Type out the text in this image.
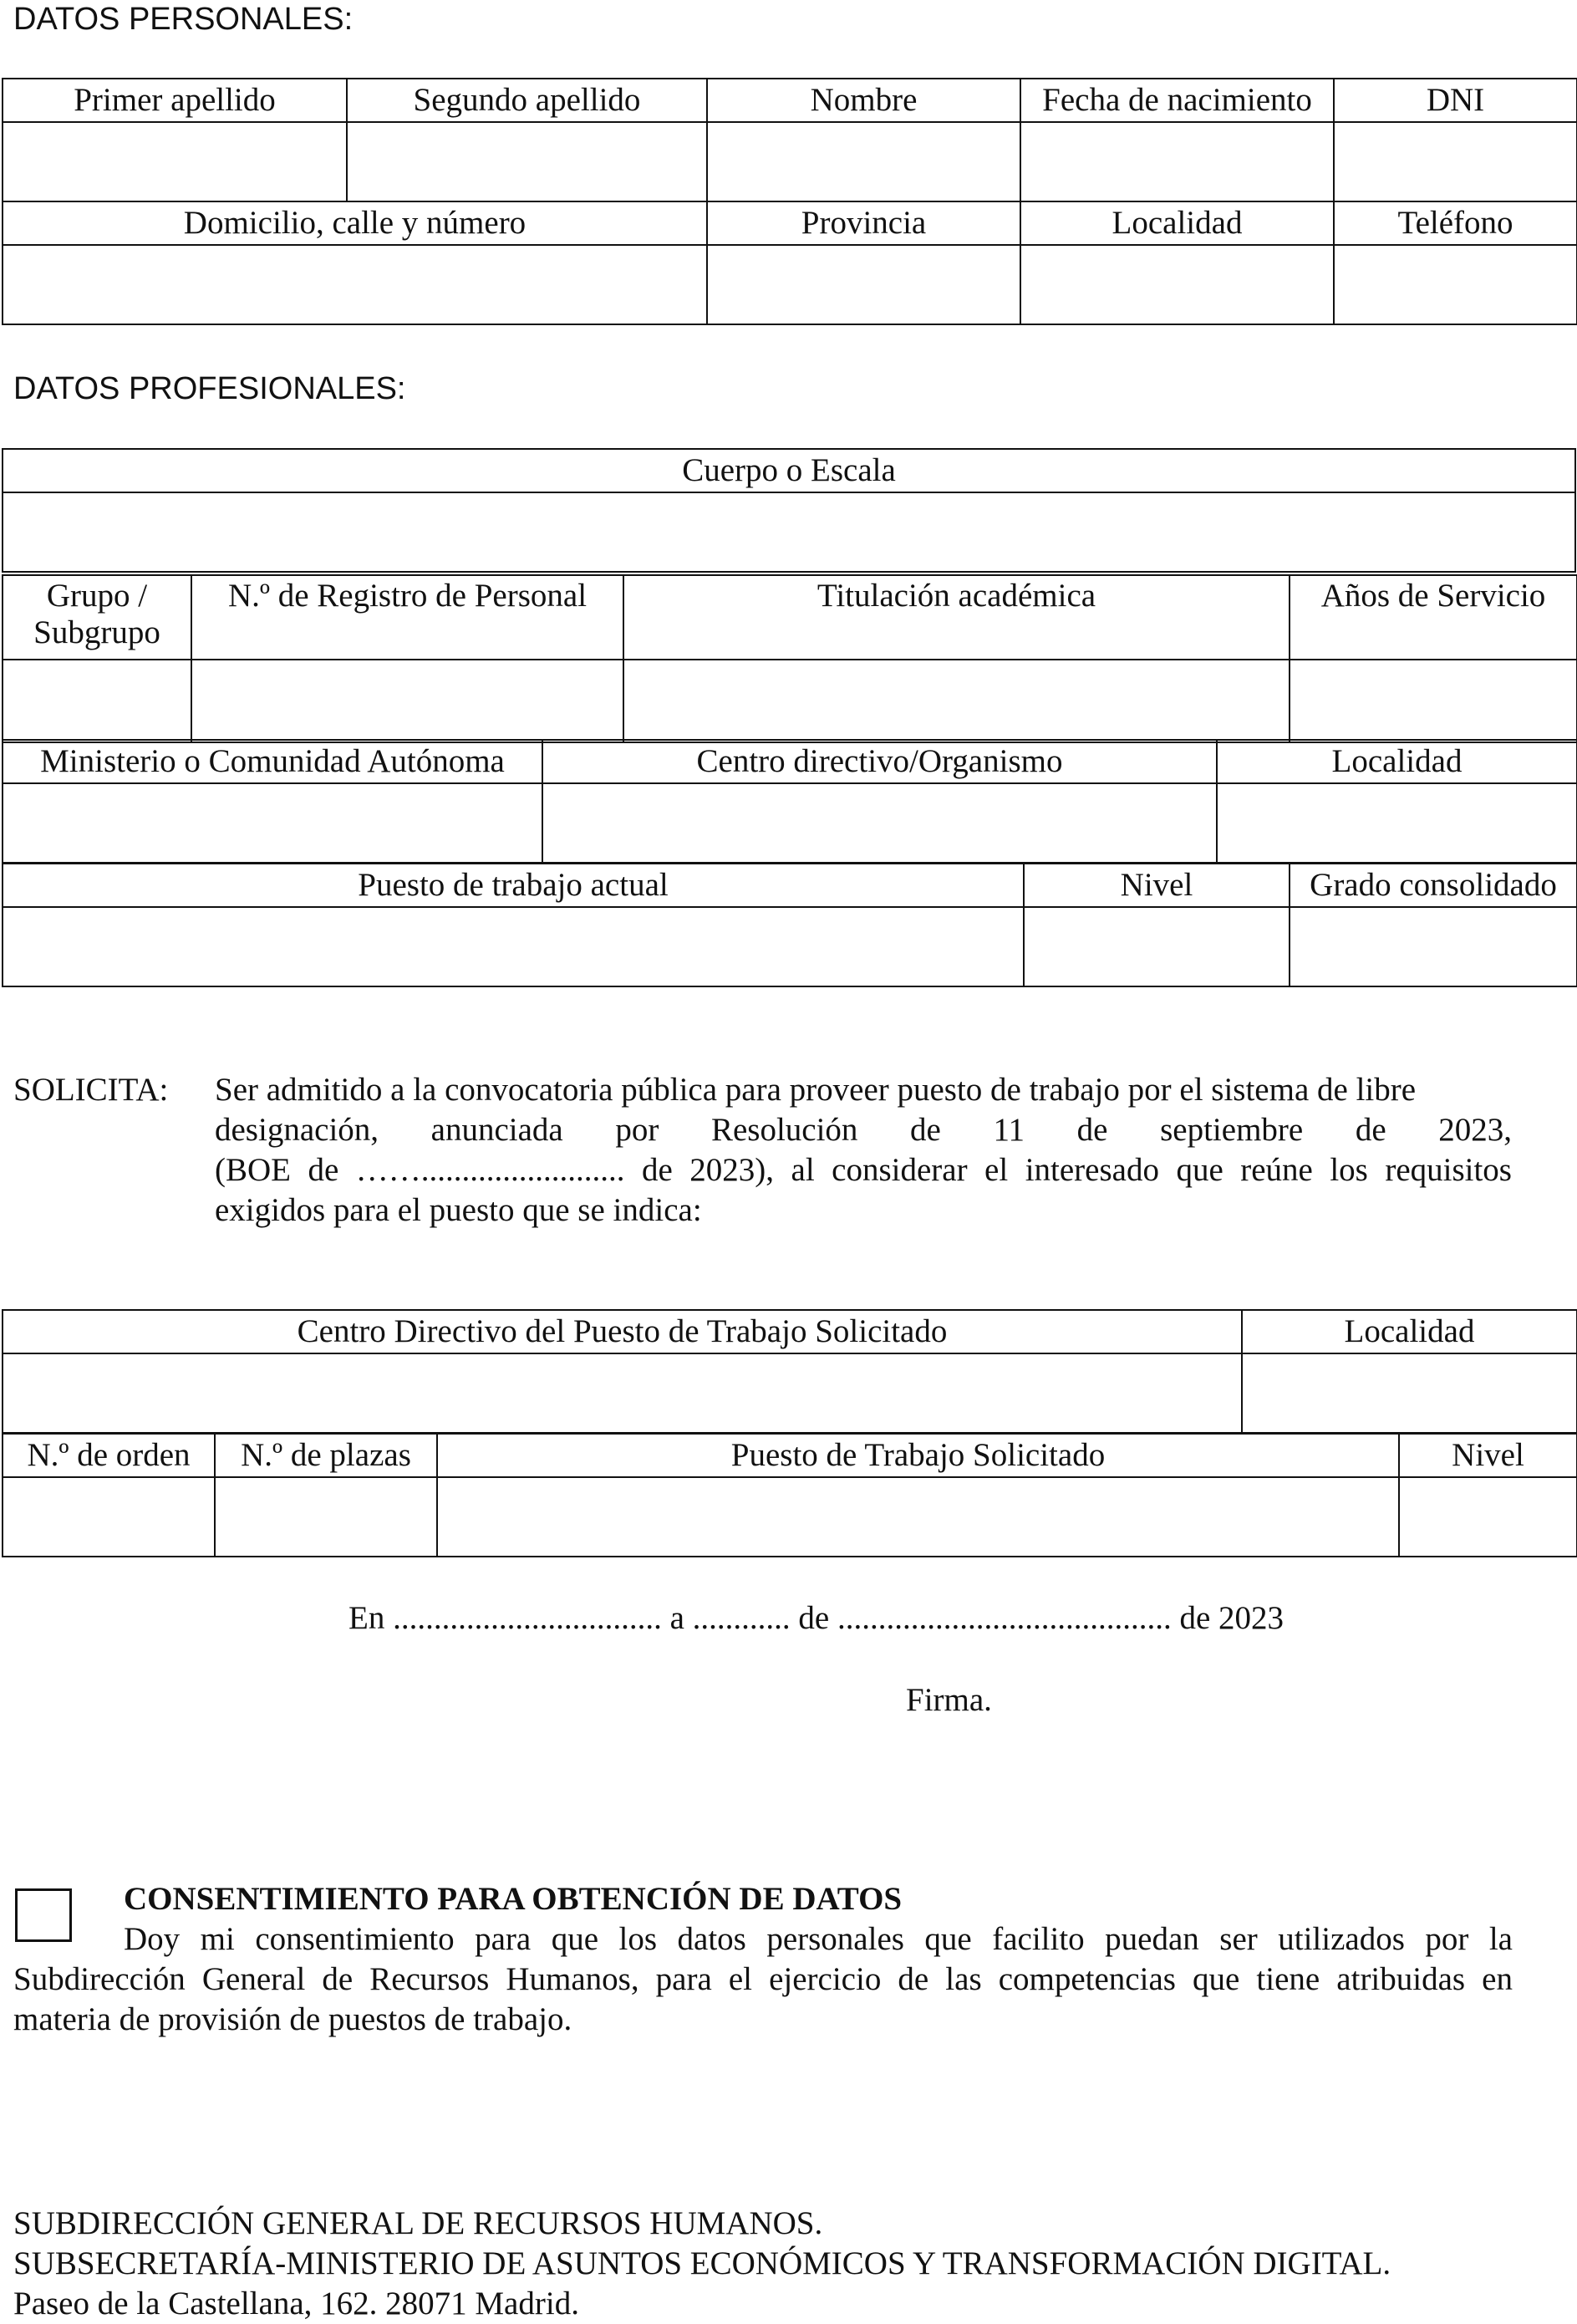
DATOS PERSONALES:
Primer apellido	Segundo apellido	Nombre	Fecha de nacimiento	DNI

Domicilio, calle y número		Provincia	Localidad	Teléfono

DATOS PROFESIONALES:
Cuerpo o Escala

Grupo / Subgrupo	N.º de Registro de Personal	Titulación académica	Años de Servicio

Ministerio o Comunidad Autónoma	Centro directivo/Organismo	Localidad

Puesto de trabajo actual	Nivel	Grado consolidado

SOLICITA: Ser admitido a la convocatoria pública para proveer puesto de trabajo por el sistema de libre
designación, anunciada por Resolución de 11 de septiembre de 2023,
(BOE de ……......................... de 2023), al considerar el interesado que reúne los requisitos
exigidos para el puesto que se indica:
Centro Directivo del Puesto de Trabajo Solicitado	Localidad

N.º de orden	N.º de plazas	Puesto de Trabajo Solicitado	Nivel

En ................................. a ............ de ......................................... de 2023
Firma.
CONSENTIMIENTO PARA OBTENCIÓN DE DATOS
Doy mi consentimiento para que los datos personales que facilito puedan ser utilizados por la
Subdirección General de Recursos Humanos, para el ejercicio de las competencias que tiene atribuidas en
materia de provisión de puestos de trabajo.
SUBDIRECCIÓN GENERAL DE RECURSOS HUMANOS.
SUBSECRETARÍA-MINISTERIO DE ASUNTOS ECONÓMICOS Y TRANSFORMACIÓN DIGITAL.
Paseo de la Castellana, 162. 28071 Madrid.
